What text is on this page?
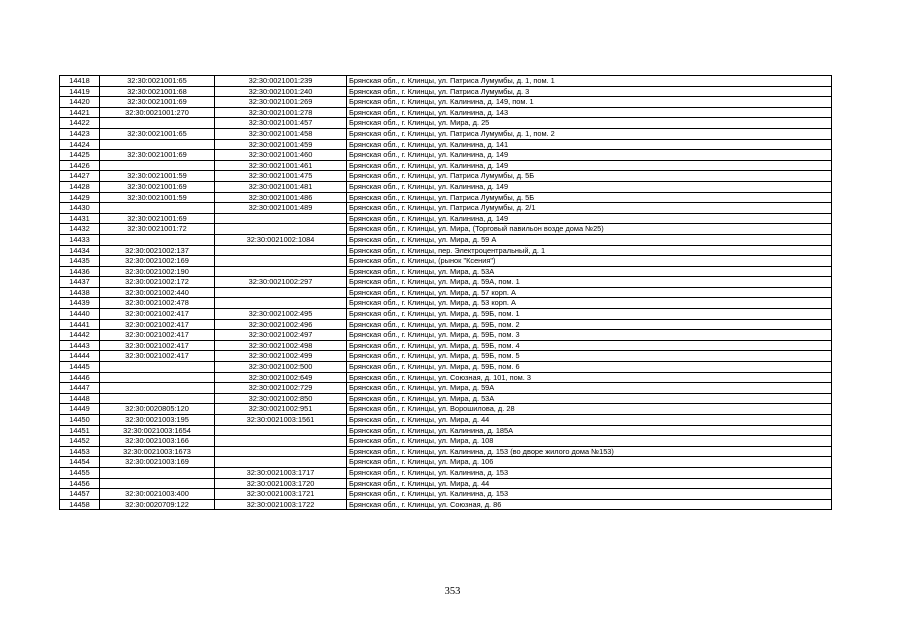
14418	32:30:0021001:65	32:30:0021001:239	Брянская обл., г. Клинцы, ул. Патриса Лумумбы, д. 1, пом. 1
14419	32:30:0021001:68	32:30:0021001:240	Брянская обл., г. Клинцы, ул. Патриса Лумумбы, д. 3
14420	32:30:0021001:69	32:30:0021001:269	Брянская обл., г. Клинцы, ул. Калинина, д. 149, пом. 1
14421	32:30:0021001:270	32:30:0021001:278	Брянская обл., г. Клинцы, ул. Калинина, д. 143
14422		32:30:0021001:457	Брянская обл., г. Клинцы, ул. Мира, д. 25
14423	32:30:0021001:65	32:30:0021001:458	Брянская обл., г. Клинцы, ул. Патриса Лумумбы, д. 1, пом. 2
14424		32:30:0021001:459	Брянская обл., г. Клинцы, ул. Калинина, д. 141
14425	32:30:0021001:69	32:30:0021001:460	Брянская обл., г. Клинцы, ул. Калинина, д. 149
14426		32:30:0021001:461	Брянская обл., г. Клинцы, ул. Калинина, д. 149
14427	32:30:0021001:59	32:30:0021001:475	Брянская обл., г. Клинцы, ул. Патриса Лумумбы, д. 5Б
14428	32:30:0021001:69	32:30:0021001:481	Брянская обл., г. Клинцы, ул. Калинина, д. 149
14429	32:30:0021001:59	32:30:0021001:486	Брянская обл., г. Клинцы, ул. Патриса Лумумбы, д. 5Б
14430		32:30:0021001:489	Брянская обл., г. Клинцы, ул. Патриса Лумумбы, д. 2/1
14431	32:30:0021001:69		Брянская обл., г. Клинцы, ул. Калинина, д. 149
14432	32:30:0021001:72		Брянская обл., г. Клинцы, ул. Мира, (Торговый павильон возде дома №25)
14433		32:30:0021002:1084	Брянская обл., г. Клинцы, ул. Мира, д. 59 А
14434	32:30:0021002:137		Брянская обл., г. Клинцы, пер. Электроцентральный, д. 1
14435	32:30:0021002:169		Брянская обл., г. Клинцы, (рынок "Ксения")
14436	32:30:0021002:190		Брянская обл., г. Клинцы, ул. Мира, д. 53А
14437	32:30:0021002:172	32:30:0021002:297	Брянская обл., г. Клинцы, ул. Мира, д. 59А, пом. 1
14438	32:30:0021002:440		Брянская обл., г. Клинцы, ул. Мира, д. 57 корп. А
14439	32:30:0021002:478		Брянская обл., г. Клинцы, ул. Мира, д. 53 корп. А
14440	32:30:0021002:417	32:30:0021002:495	Брянская обл., г. Клинцы, ул. Мира, д. 59Б, пом. 1
14441	32:30:0021002:417	32:30:0021002:496	Брянская обл., г. Клинцы, ул. Мира, д. 59Б, пом. 2
14442	32:30:0021002:417	32:30:0021002:497	Брянская обл., г. Клинцы, ул. Мира, д. 59Б, пом. 3
14443	32:30:0021002:417	32:30:0021002:498	Брянская обл., г. Клинцы, ул. Мира, д. 59Б, пом. 4
14444	32:30:0021002:417	32:30:0021002:499	Брянская обл., г. Клинцы, ул. Мира, д. 59Б, пом. 5
14445		32:30:0021002:500	Брянская обл., г. Клинцы, ул. Мира, д. 59Б, пом. 6
14446		32:30:0021002:649	Брянская обл., г. Клинцы, ул. Союзная, д. 101, пом. 3
14447		32:30:0021002:729	Брянская обл., г. Клинцы, ул. Мира, д. 59А
14448		32:30:0021002:850	Брянская обл., г. Клинцы, ул. Мира, д. 53А
14449	32:30:0020805:120	32:30:0021002:951	Брянская обл., г. Клинцы, ул. Ворошилова, д. 28
14450	32:30:0021003:195	32:30:0021003:1561	Брянская обл., г. Клинцы, ул. Мира, д. 44
14451	32:30:0021003:1654		Брянская обл., г. Клинцы, ул. Калинина, д. 185А
14452	32:30:0021003:166		Брянская обл., г. Клинцы, ул. Мира, д. 108
14453	32:30:0021003:1673		Брянская обл., г. Клинцы, ул. Калинина, д. 153 (во дворе жилого дома №153)
14454	32:30:0021003:169		Брянская обл., г. Клинцы, ул. Мира, д. 106
14455		32:30:0021003:1717	Брянская обл., г. Клинцы, ул. Калинина, д. 153
14456		32:30:0021003:1720	Брянская обл., г. Клинцы, ул. Мира, д. 44
14457	32:30:0021003:400	32:30:0021003:1721	Брянская обл., г. Клинцы, ул. Калинина, д. 153
14458	32:30:0020709:122	32:30:0021003:1722	Брянская обл., г. Клинцы, ул. Союзная, д. 86
353
